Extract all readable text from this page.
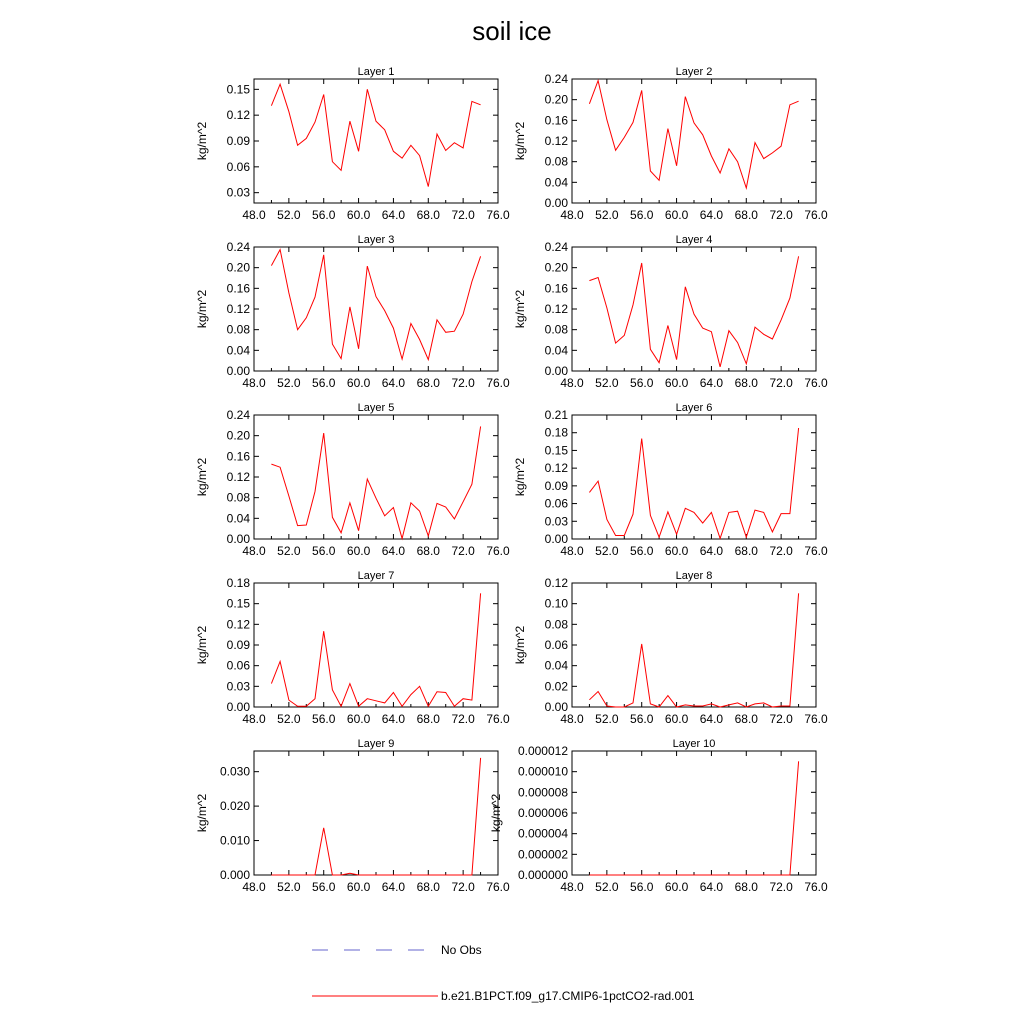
soil ice
Layer 1
48.0 52.0 56.0 60.0 64.0 68.0 72.0 76.0
0.03
0.06
0.09
0.12
0.15
kg/m^2
Layer 2
48.0 52.0 56.0 60.0 64.0 68.0 72.0 76.0
0.00
0.04
0.08
0.12
0.16
0.20
0.24
kg/m^2
Layer 3
48.0 52.0 56.0 60.0 64.0 68.0 72.0 76.0
0.00
0.04
0.08
0.12
0.16
0.20
0.24
kg/m^2
Layer 4
48.0 52.0 56.0 60.0 64.0 68.0 72.0 76.0
0.00
0.04
0.08
0.12
0.16
0.20
0.24
kg/m^2
Layer 5
48.0 52.0 56.0 60.0 64.0 68.0 72.0 76.0
0.00
0.04
0.08
0.12
0.16
0.20
0.24
kg/m^2
Layer 6
48.0 52.0 56.0 60.0 64.0 68.0 72.0 76.0
0.00
0.03
0.06
0.09
0.12
0.15
0.18
0.21
kg/m^2
Layer 7
48.0 52.0 56.0 60.0 64.0 68.0 72.0 76.0
0.00
0.03
0.06
0.09
0.12
0.15
0.18
kg/m^2
Layer 8
48.0 52.0 56.0 60.0 64.0 68.0 72.0 76.0
0.00
0.02
0.04
0.06
0.08
0.10
0.12
kg/m^2
Layer 9
48.0 52.0 56.0 60.0 64.0 68.0 72.0 76.0
0.000
0.010
0.020
0.030
kg/m^2
Layer 10
48.0 52.0 56.0 60.0 64.0 68.0 72.0 76.0
0.000000
0.000002
0.000004
0.000006
0.000008
0.000010
0.000012
kg/m^2
No Obs
b.e21.B1PCT.f09_g17.CMIP6-1pctCO2-rad.001
